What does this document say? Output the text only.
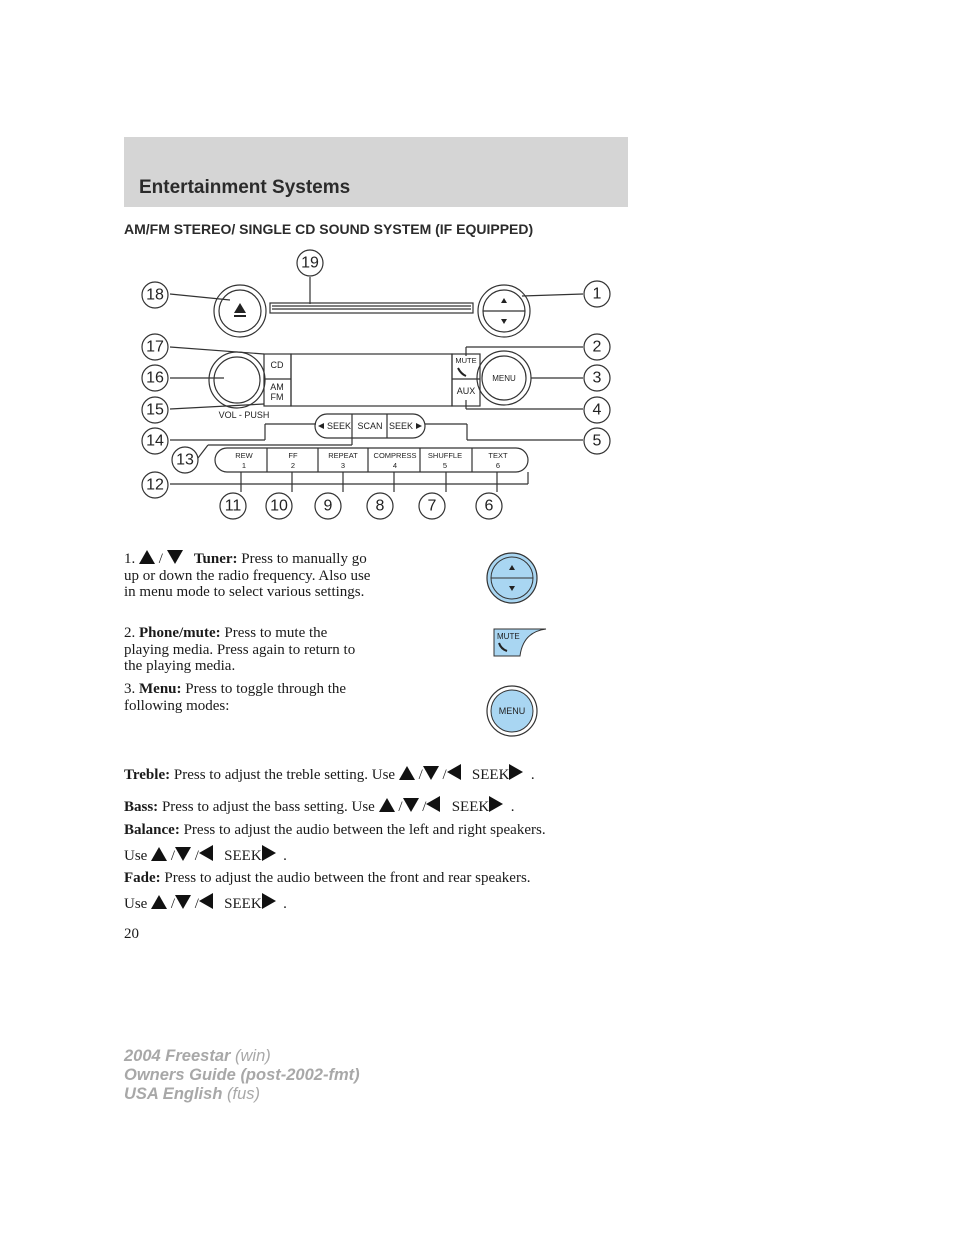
Entertainment Systems
AM/FM STEREO/ SINGLE CD SOUND SYSTEM (IF EQUIPPED)
CD
AM
FM
VOL - PUSH
MUTE
MENU
AUX
SEEK SCAN SEEK
REW
1
FF
2
REPEAT
3
COMPRESS
4
SHUFFLE
5
TEXT
6
1
2
3
4
5
6
7
8
9
10
11
12
13
14
15
16
17
18
19
1. / Tuner: Press to manually go up or down the radio frequency. Also use in menu mode to select various settings.
2. Phone/mute: Press to mute the playing media. Press again to return to the playing media.
MUTE
3. Menu: Press to toggle through the following modes:	MENU
Treble: Press to adjust the treble setting. Use / / SEEK .
Bass: Press to adjust the bass setting. Use / / SEEK .
Balance: Press to adjust the audio between the left and right speakers.
Use / / SEEK .
Fade: Press to adjust the audio between the front and rear speakers.
Use / / SEEK .
20
2004 Freestar (win)
Owners Guide (post-2002-fmt)
USA English (fus)
